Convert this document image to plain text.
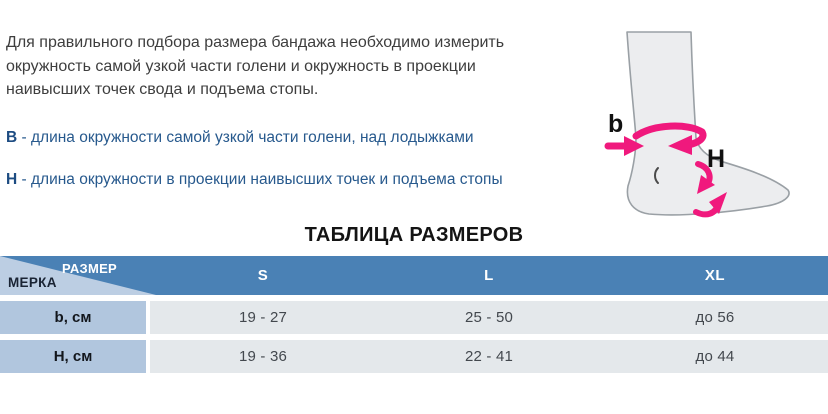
Для правильного подбора размера бандажа необходимо измерить
окружность самой узкой части голени и окружность в проекции
наивысших точек свода и подъема стопы.
В - длина окружности самой узкой части голени, над лодыжками
Н - длина окружности в проекции наивысших точек и подъема стопы
b
H
ТАБЛИЦА РАЗМЕРОВ
РАЗМЕР
МЕРКА	S	L	XL
b, см	19 - 27	25 - 50	до 56
Н, см	19 - 36	22 - 41	до 44
